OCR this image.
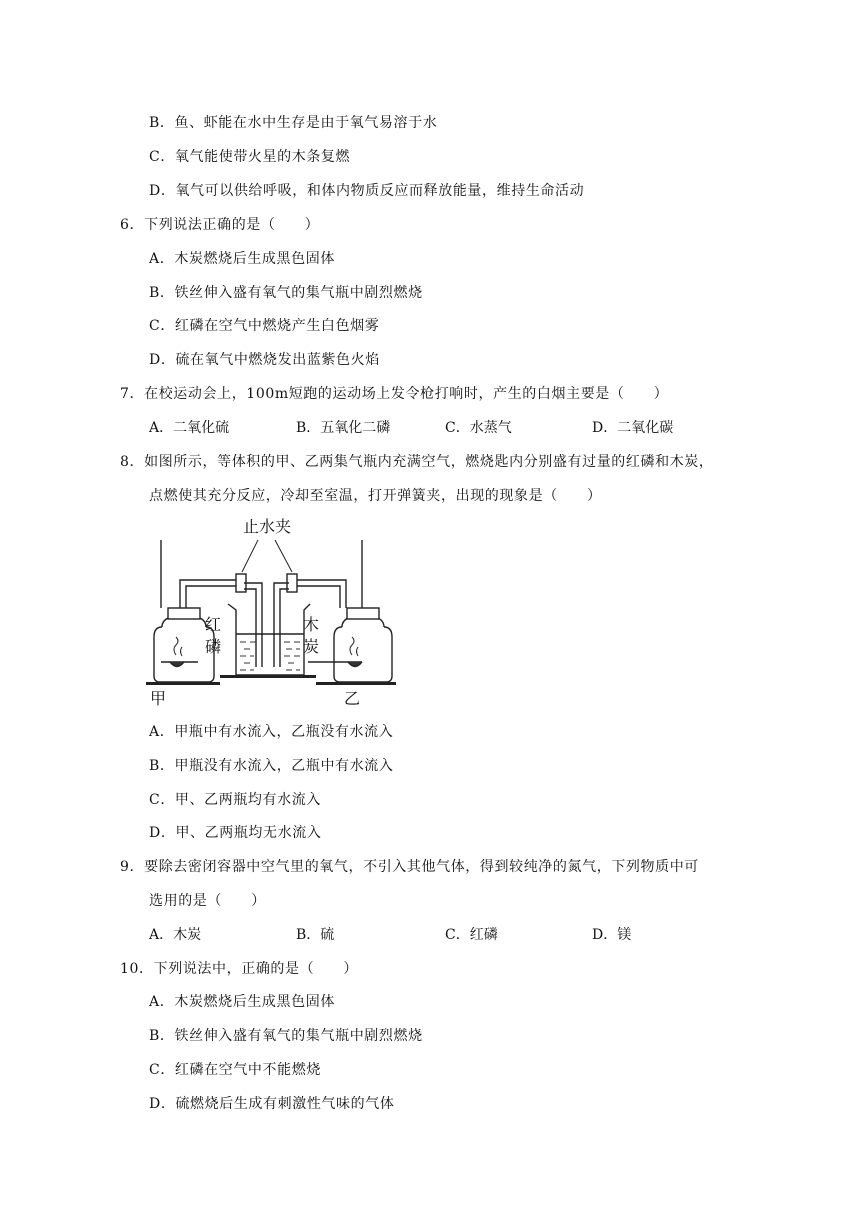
B．鱼、虾能在水中生存是由于氧气易溶于水
C．氧气能使带火星的木条复燃
D．氧气可以供给呼吸，和体内物质反应而释放能量，维持生命活动
6．下列说法正确的是（　　）
A．木炭燃烧后生成黑色固体
B．铁丝伸入盛有氧气的集气瓶中剧烈燃烧
C．红磷在空气中燃烧产生白色烟雾
D．硫在氧气中燃烧发出蓝紫色火焰
7．在校运动会上，100m短跑的运动场上发令枪打响时，产生的白烟主要是（　　）
A．二氧化硫	B．五氧化二磷	C．水蒸气	D．二氧化碳
8．如图所示，等体积的甲、乙两集气瓶内充满空气，燃烧匙内分别盛有过量的红磷和木炭，
点燃使其充分反应，冷却至室温，打开弹簧夹，出现的现象是（　　）
止水夹
红
磷
木
炭
甲	乙
A．甲瓶中有水流入，乙瓶没有水流入
B．甲瓶没有水流入，乙瓶中有水流入
C．甲、乙两瓶均有水流入
D．甲、乙两瓶均无水流入
9．要除去密闭容器中空气里的氧气，不引入其他气体，得到较纯净的氮气，下列物质中可
选用的是（　　）
A．木炭	B．硫	C．红磷	D．镁
10．下列说法中，正确的是（　　）
A．木炭燃烧后生成黑色固体
B．铁丝伸入盛有氧气的集气瓶中剧烈燃烧
C．红磷在空气中不能燃烧
D．硫燃烧后生成有刺激性气味的气体
